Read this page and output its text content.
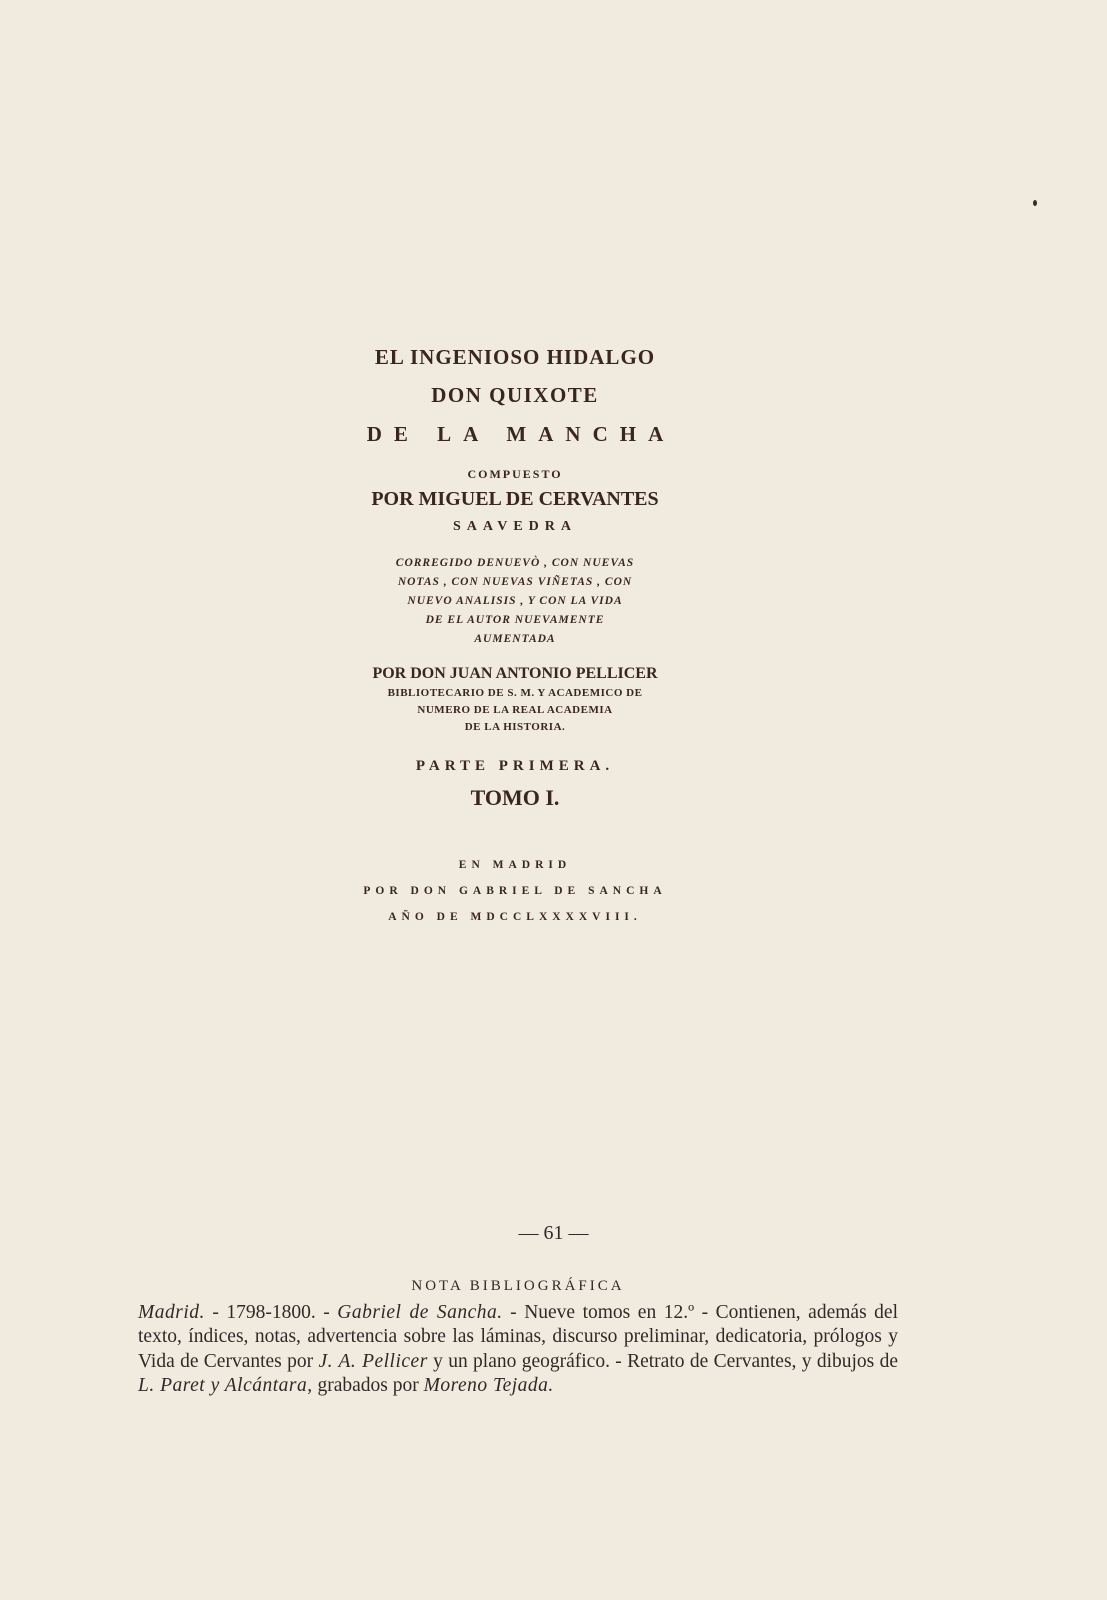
EL INGENIOSO HIDALGO
DON QUIXOTE
DE LA MANCHA
COMPUESTO
POR MIGUEL DE CERVANTES
SAAVEDRA
CORREGIDO DENUEVÒ , CON NUEVAS
NOTAS , CON NUEVAS VIÑETAS , CON
NUEVO ANALISIS , Y CON LA VIDA
DE EL AUTOR NUEVAMENTE
AUMENTADA
POR DON JUAN ANTONIO PELLICER
BIBLIOTECARIO DE S. M. Y ACADEMICO DE
NUMERO DE LA REAL ACADEMIA
DE LA HISTORIA.
PARTE PRIMERA.
TOMO I.
EN MADRID
POR DON GABRIEL DE SANCHA
AÑO DE MDCCLXXXXVIII.
— 61 —
NOTA BIBLIOGRÁFICA
Madrid. - 1798-1800. - Gabriel de Sancha. - Nueve tomos en 12.º - Contienen, además del texto, índices, notas, advertencia sobre las láminas, discurso preliminar, dedicatoria, prólogos y Vida de Cervantes por J. A. Pellicer y un plano geográfico. - Retrato de Cervantes, y dibujos de L. Paret y Alcántara, grabados por Moreno Tejada.
